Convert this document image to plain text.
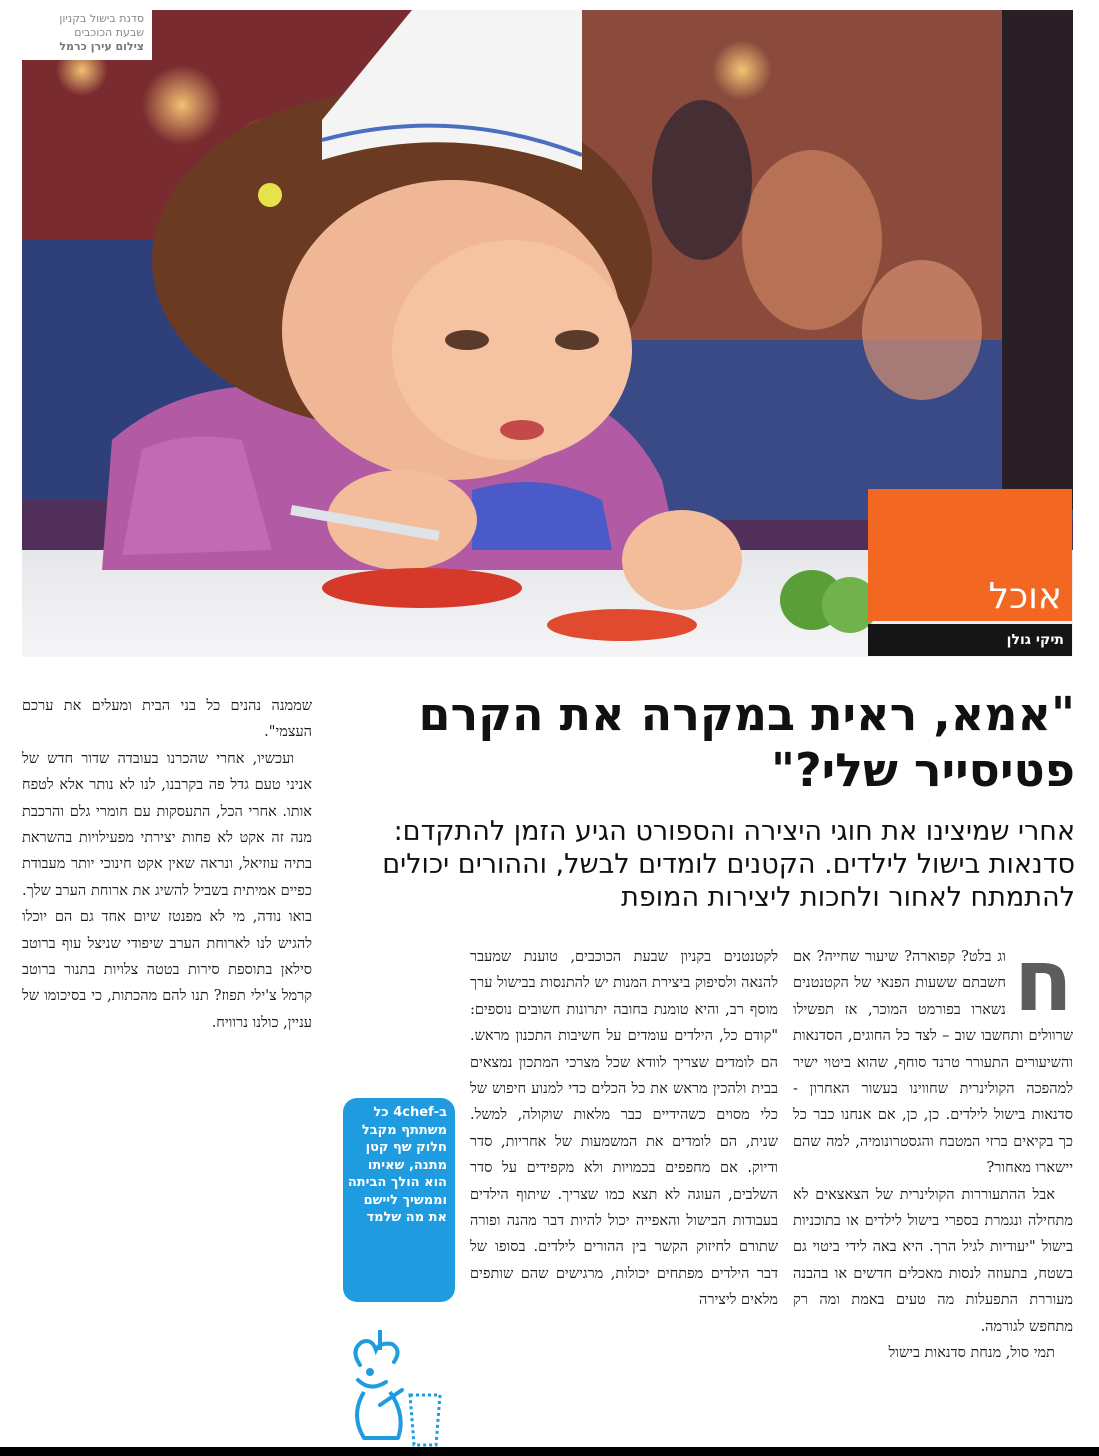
סדנת בישול בקניון
שבעת הכוכבים
צילום עירן כרמל
אוכל
תיקי גולן
"אמא, ראית במקרה את הקרם פטיסייר שלי?"

אחרי שמיצינו את חוגי היצירה והספורט הגיע הזמן להתקדם: סדנאות בישול לילדים. הקטנים לומדים לבשל, וההורים יכולים להתמתח לאחור ולחכות ליצירות המופת

ח
וג בלט? קפוארה? שיעור שחייה? אם חשבתם ששעות הפנאי של הקטנטנים נשארו בפורמט המוכר, אז תפשילו שרוולים ותחשבו שוב – לצד כל החוגים, הסדנאות והשיעורים התעורר טרנד סוחף, שהוא ביטוי ישיר למהפכה הקולינרית שחווינו בעשור האחרון - סדנאות בישול לילדים. כן, כן, אם אנחנו כבר כל כך בקיאים ברזי המטבח והגסטרונומיה, למה שהם יישארו מאחור?
אבל ההתעוררות הקולינרית של הצאצאים לא מתחילה ונגמרת בספרי בישול לילדים או בתוכניות בישול "יעודיות לגיל הרך. היא באה לידי ביטוי גם בשטח, בתעוזה לנסות מאכלים חדשים או בהבנה מעוררת התפעלות מה טעים באמת ומה רק מתחפש לגורמה.
תמי סול, מנחת סדנאות בישול
לקטנטנים בקניון שבעת הכוכבים, טוענת שמעבר להנאה ולסיפוק ביצירת המנות יש להתנסות בבישול ערך מוסף רב, והיא טומנת בחובה יתרונות חשובים נוספים: "קודם כל, הילדים עומדים על חשיבות התכנון מראש. הם לומדים שצריך לוודא שכל מצרכי המתכון נמצאים בבית ולהכין מראש את כל הכלים כדי למנוע חיפוש של כלי מסוים כשהידיים כבר מלאות שוקולה, למשל. שנית, הם לומדים את המשמעות של אחריות, סדר ודיוק. אם מחפפים בכמויות ולא מקפידים על סדר השלבים, העוגה לא תצא כמו שצריך. שיתוף הילדים בעבודות הבישול והאפייה יכול להיות דבר מהנה ופורה שתורם לחיזוק הקשר בין ההורים לילדים. בסופו של דבר הילדים מפתחים יכולות, מרגישים שהם שותפים מלאים ליצירה
שממנה נהנים כל בני הבית ומעלים את ערכם העצמי".
ועכשיו, אחרי שהכרנו בעובדה שדור חדש של אניני טעם גדל פה בקרבנו, לנו לא נותר אלא לטפח אותו. אחרי הכל, התעסקות עם חומרי גלם והרכבת מנה זה אקט לא פחות יצירתי מפעילויות בהשראת בתיה עוזיאל, ונראה שאין אקט חינוכי יותר מעבודת כפיים אמיתית בשביל להשיג את ארוחת הערב שלך. בואו נודה, מי לא מפנטז שיום אחד גם הם יוכלו להגיש לנו לארוחת הערב שיפודי שניצל עוף ברוטב סילאן בתוספת סירות בטטה צלויות בתנור ברוטב קרמל צ'ילי תפוז? תנו להם מהכתות, כי בסיכומו של עניין, כולנו נרוויח.
ב-4chef כל משתתף מקבל חלוק שף קטן מתנה, שאיתו הוא הולך הביתה וממשיך ליישם את מה שלמד
